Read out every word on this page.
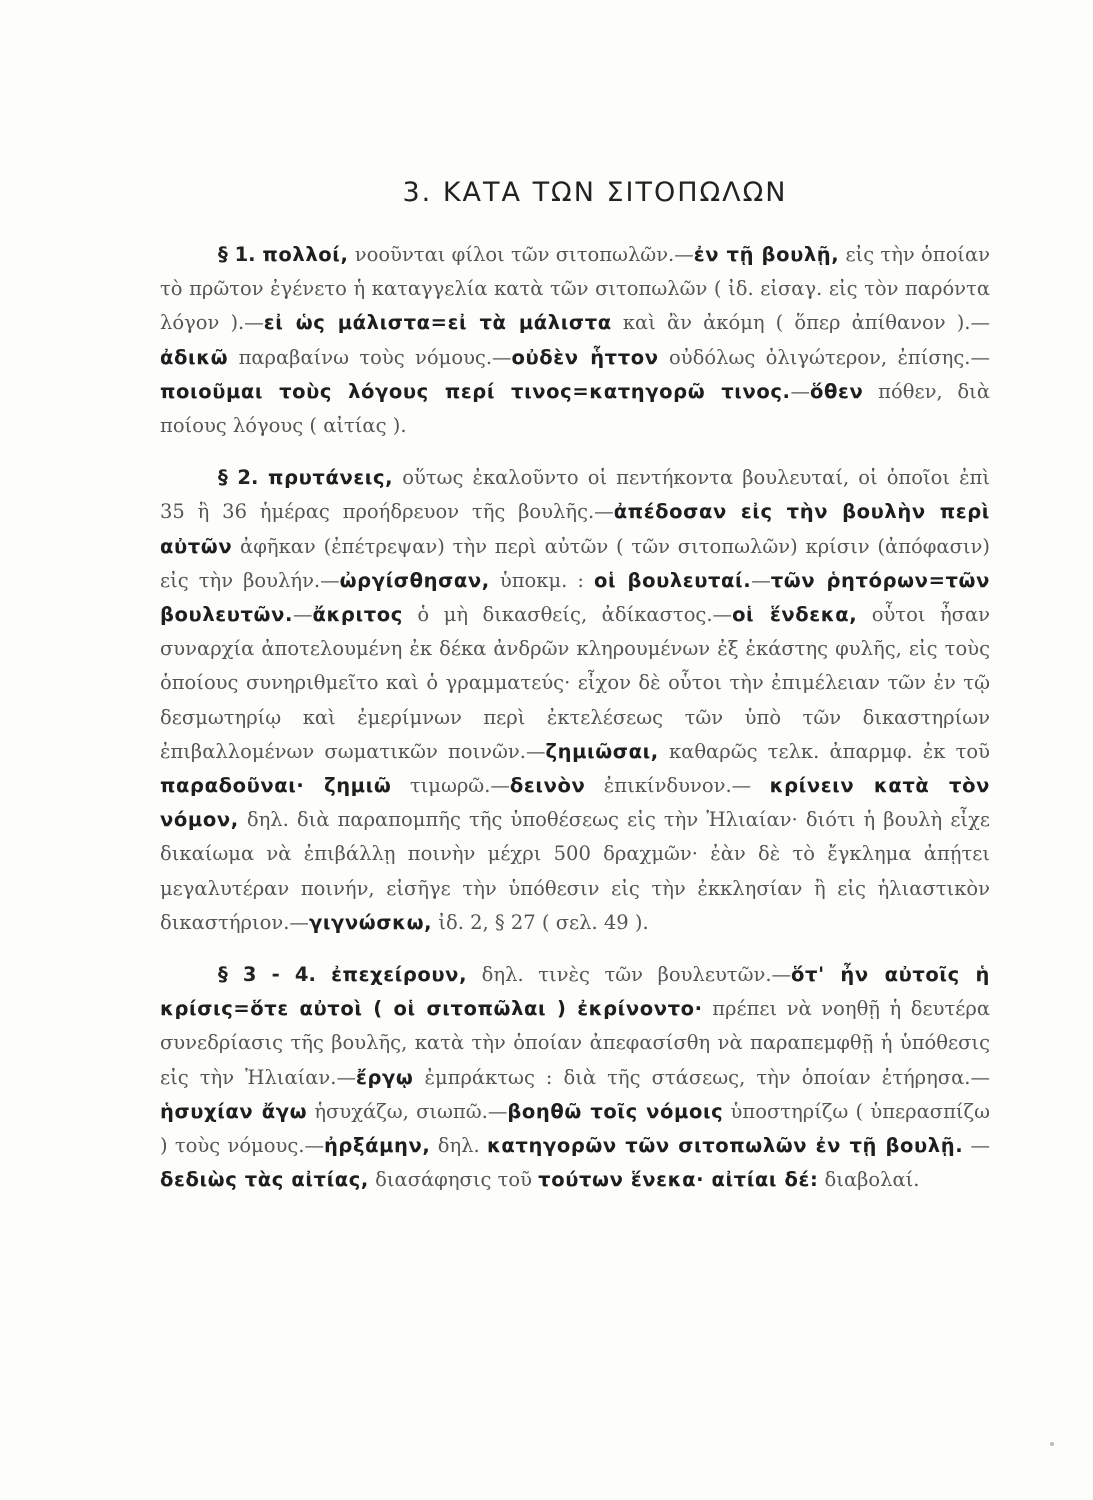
3. ΚΑΤΑ ΤΩΝ ΣΙΤΟΠΩΛΩΝ

§ 1. πολλοί, νοοῦνται φίλοι τῶν σιτοπωλῶν.—ἐν τῇ βουλῇ, εἰς τὴν ὁποίαν τὸ πρῶτον ἐγένετο ἡ καταγγελία κατὰ τῶν σιτοπωλῶν ( ἰδ. εἰσαγ. εἰς τὸν παρόντα λόγον ).—εἰ ὡς μάλιστα=εἰ τὰ μάλιστα καὶ ἂν ἀκόμη ( ὅπερ ἀπίθανον ).—ἀδικῶ παραβαίνω τοὺς νόμους.—οὐδὲν ἧττον οὐδόλως ὀλιγώτερον, ἐπίσης.—ποιοῦμαι τοὺς λόγους περί τινος=κατηγορῶ τινος.—ὅθεν πόθεν, διὰ ποίους λόγους ( αἰτίας ).

§ 2. πρυτάνεις, οὕτως ἐκαλοῦντο οἱ πεντήκοντα βουλευταί, οἱ ὁποῖοι ἐπὶ 35 ἢ 36 ἡμέρας προήδρευον τῆς βουλῆς.—ἀπέδοσαν εἰς τὴν βουλὴν περὶ αὐτῶν ἀφῆκαν (ἐπέτρεψαν) τὴν περὶ αὐτῶν ( τῶν σιτοπωλῶν) κρίσιν (ἀπόφασιν) εἰς τὴν βουλήν.—ὠργίσθησαν, ὑποκμ. : οἱ βουλευταί.—τῶν ῥητόρων=τῶν βουλευτῶν.—ἄκριτος ὁ μὴ δικασθείς, ἀδίκαστος.—οἱ ἕνδεκα, οὗτοι ἦσαν συναρχία ἀποτελουμένη ἐκ δέκα ἀνδρῶν κληρουμένων ἐξ ἑκάστης φυλῆς, εἰς τοὺς ὁποίους συνηριθμεῖτο καὶ ὁ γραμματεύς· εἶχον δὲ οὗτοι τὴν ἐπιμέλειαν τῶν ἐν τῷ δεσμωτηρίῳ καὶ ἐμερίμνων περὶ ἐκτελέσεως τῶν ὑπὸ τῶν δικαστηρίων ἐπιβαλλομένων σωματικῶν ποινῶν.—ζημιῶσαι, καθαρῶς τελκ. ἀπαρμφ. ἐκ τοῦ παραδοῦναι· ζημιῶ τιμωρῶ.—δεινὸν ἐπικίνδυνον.— κρίνειν κατὰ τὸν νόμον, δηλ. διὰ παραπομπῆς τῆς ὑποθέσεως εἰς τὴν Ἡλιαίαν· διότι ἡ βουλὴ εἶχε δικαίωμα νὰ ἐπιβάλλῃ ποινὴν μέχρι 500 δραχμῶν· ἐὰν δὲ τὸ ἔγκλημα ἀπῄτει μεγαλυτέραν ποινήν, εἰσῆγε τὴν ὑπόθεσιν εἰς τὴν ἐκκλησίαν ἢ εἰς ἡλιαστικὸν δικαστήριον.—γιγνώσκω, ἰδ. 2, § 27 ( σελ. 49 ).

§ 3 - 4. ἐπεχείρουν, δηλ. τινὲς τῶν βουλευτῶν.—ὅτ' ἦν αὐτοῖς ἡ κρίσις=ὅτε αὐτοὶ ( οἱ σιτοπῶλαι ) ἐκρίνοντο· πρέπει νὰ νοηθῇ ἡ δευτέρα συνεδρίασις τῆς βουλῆς, κατὰ τὴν ὁποίαν ἀπεφασίσθη νὰ παραπεμφθῇ ἡ ὑπόθεσις εἰς τὴν Ἡλιαίαν.—ἔργῳ ἐμπράκτως : διὰ τῆς στάσεως, τὴν ὁποίαν ἐτήρησα.—ἡσυχίαν ἄγω ἡσυχάζω, σιωπῶ.—βοηθῶ τοῖς νόμοις ὑποστηρίζω ( ὑπερασπίζω ) τοὺς νόμους.—ἠρξάμην, δηλ. κατηγορῶν τῶν σιτοπωλῶν ἐν τῇ βουλῇ. — δεδιὼς τὰς αἰτίας, διασάφησις τοῦ τούτων ἕνεκα· αἰτίαι δέ: διαβολαί.
